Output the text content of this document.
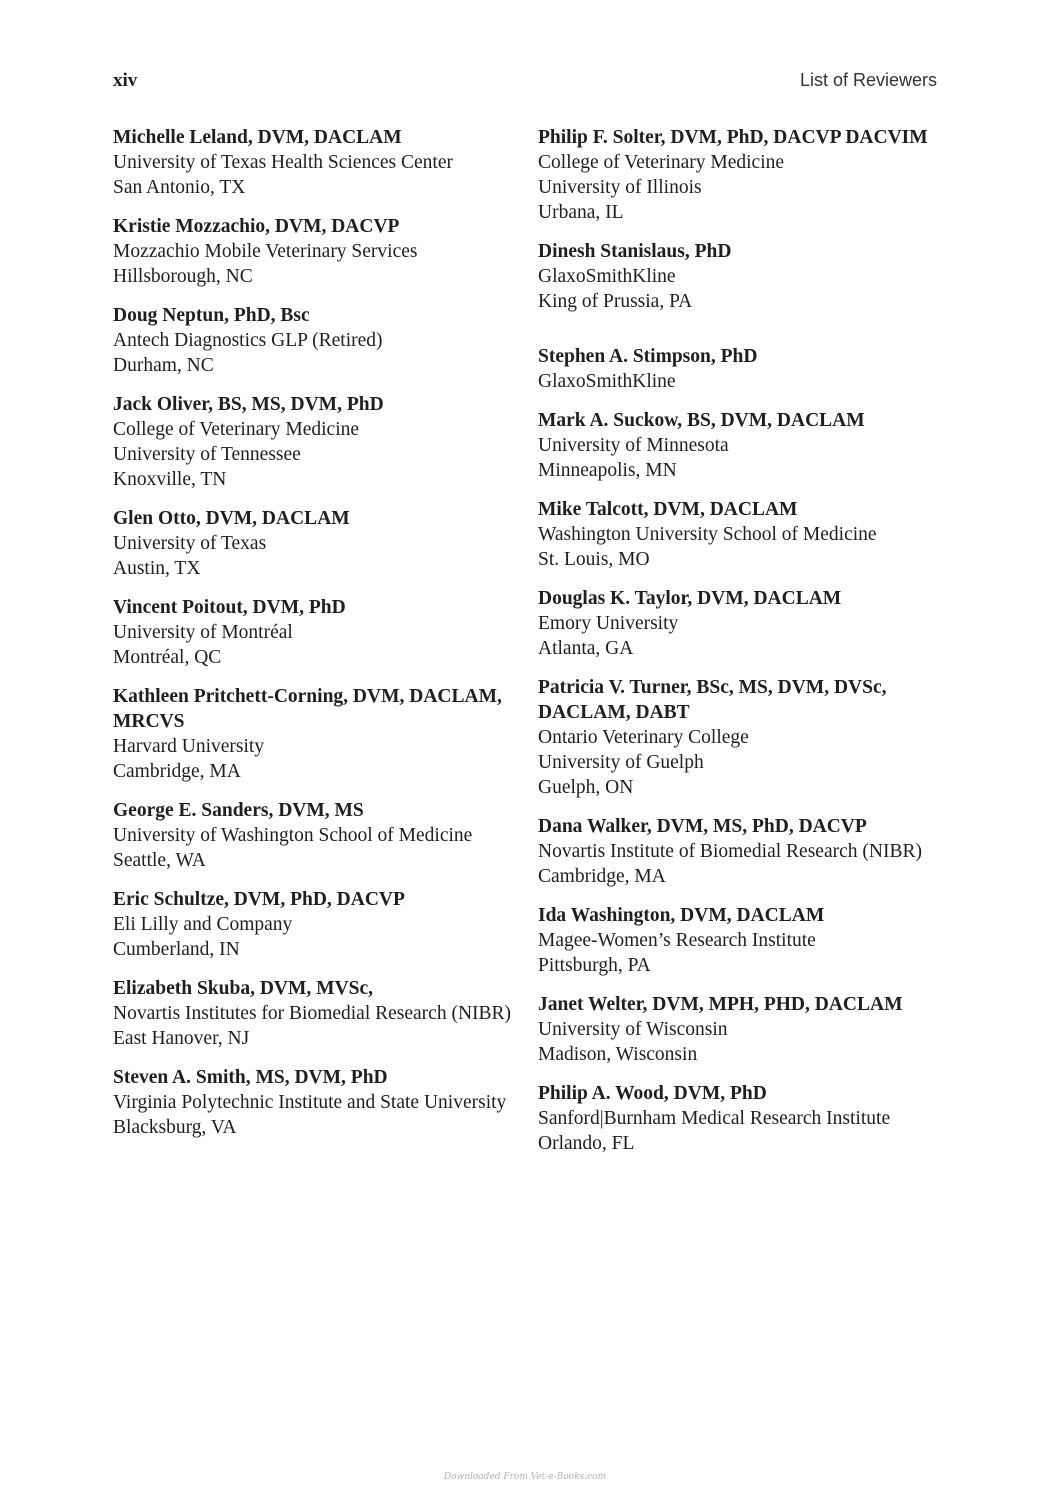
xiv	List of Reviewers
Michelle Leland, DVM, DACLAM
University of Texas Health Sciences Center
San Antonio, TX
Kristie Mozzachio, DVM, DACVP
Mozzachio Mobile Veterinary Services
Hillsborough, NC
Doug Neptun, PhD, Bsc
Antech Diagnostics GLP (Retired)
Durham, NC
Jack Oliver, BS, MS, DVM, PhD
College of Veterinary Medicine
University of Tennessee
Knoxville, TN
Glen Otto, DVM, DACLAM
University of Texas
Austin, TX
Vincent Poitout, DVM, PhD
University of Montréal
Montréal, QC
Kathleen Pritchett-Corning, DVM, DACLAM, MRCVS
Harvard University
Cambridge, MA
George E. Sanders, DVM, MS
University of Washington School of Medicine
Seattle, WA
Eric Schultze, DVM, PhD, DACVP
Eli Lilly and Company
Cumberland, IN
Elizabeth Skuba, DVM, MVSc,
Novartis Institutes for Biomedial Research (NIBR)
East Hanover, NJ
Steven A. Smith, MS, DVM, PhD
Virginia Polytechnic Institute and State University
Blacksburg, VA
Philip F. Solter, DVM, PhD, DACVP DACVIM
College of Veterinary Medicine
University of Illinois
Urbana, IL
Dinesh Stanislaus, PhD
GlaxoSmithKline
King of Prussia, PA
Stephen A. Stimpson, PhD
GlaxoSmithKline
Mark A. Suckow, BS, DVM, DACLAM
University of Minnesota
Minneapolis, MN
Mike Talcott, DVM, DACLAM
Washington University School of Medicine
St. Louis, MO
Douglas K. Taylor, DVM, DACLAM
Emory University
Atlanta, GA
Patricia V. Turner, BSc, MS, DVM, DVSc, DACLAM, DABT
Ontario Veterinary College
University of Guelph
Guelph, ON
Dana Walker, DVM, MS, PhD, DACVP
Novartis Institute of Biomedial Research (NIBR)
Cambridge, MA
Ida Washington, DVM, DACLAM
Magee-Women’s Research Institute
Pittsburgh, PA
Janet Welter, DVM, MPH, PHD, DACLAM
University of Wisconsin
Madison, Wisconsin
Philip A. Wood, DVM, PhD
Sanford|Burnham Medical Research Institute
Orlando, FL
Downloaded From Vet-e-Books.com
